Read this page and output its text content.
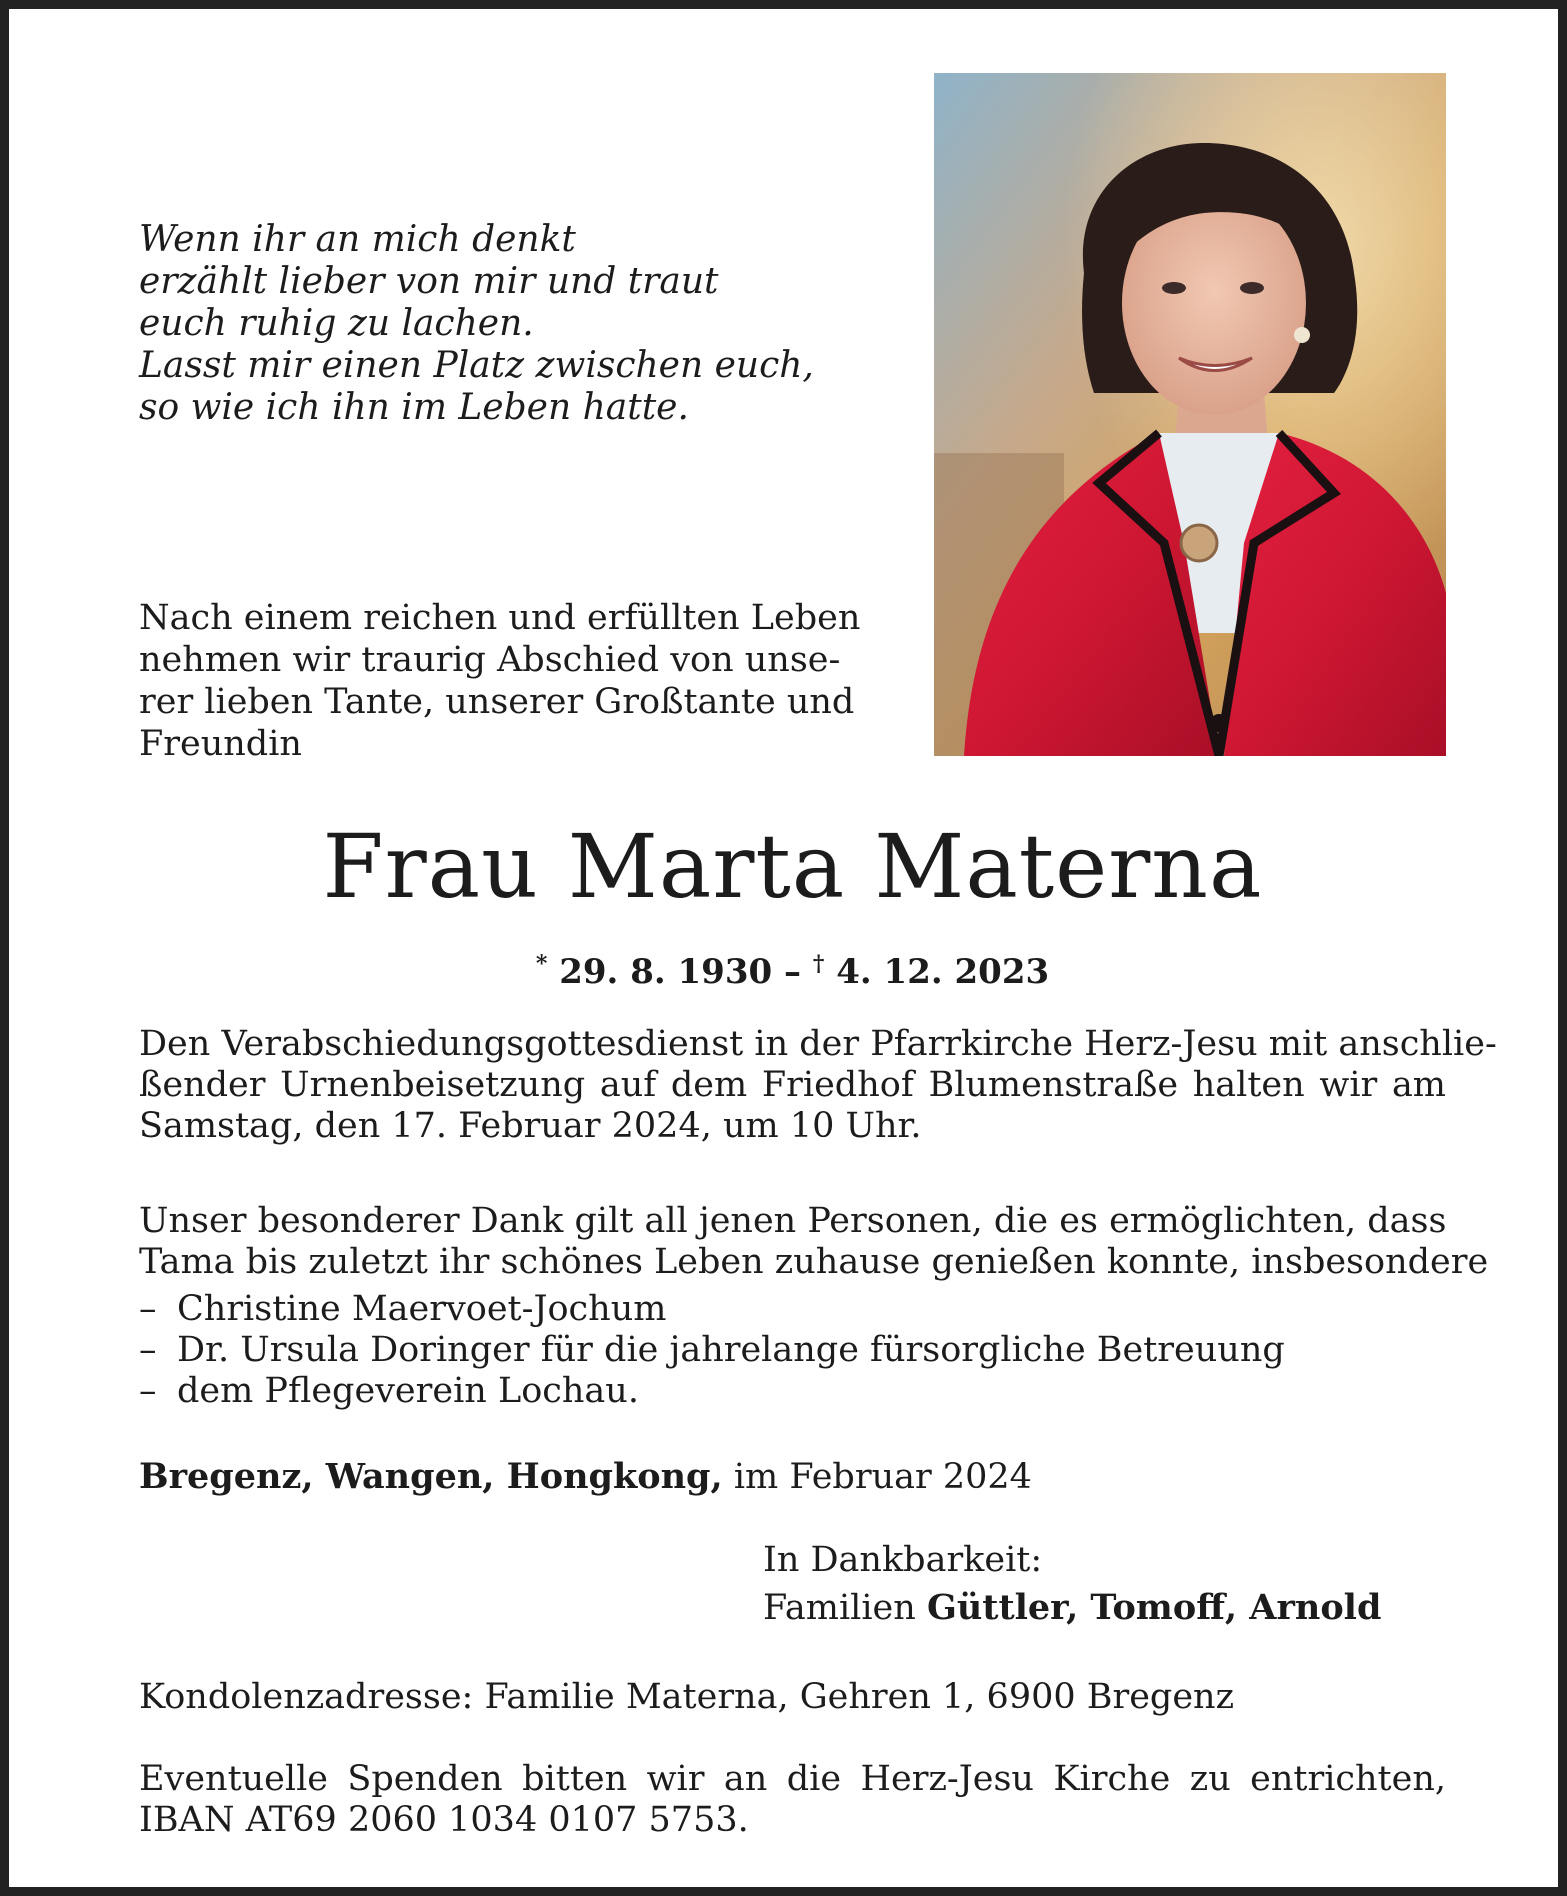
Wenn ihr an mich denkt
erzählt lieber von mir und traut
euch ruhig zu lachen.
Lasst mir einen Platz zwischen euch,
so wie ich ihn im Leben hatte.
Nach einem reichen und erfüllten Leben
nehmen wir traurig Abschied von unse-
rer lieben Tante, unserer Großtante und
Freundin
Frau Marta Materna
* 29. 8. 1930 – † 4. 12. 2023
Den Verabschiedungsgottesdienst in der Pfarrkirche Herz-Jesu mit anschlie-
ßender Urnenbeisetzung auf dem Friedhof Blumenstraße halten wir am
Samstag, den 17. Februar 2024, um 10 Uhr.
Unser besonderer Dank gilt all jenen Personen, die es ermöglichten, dass
Tama bis zuletzt ihr schönes Leben zuhause genießen konnte, insbesondere
– Christine Maervoet-Jochum
– Dr. Ursula Doringer für die jahrelange fürsorgliche Betreuung
– dem Pflegeverein Lochau.
Bregenz, Wangen, Hongkong, im Februar 2024
In Dankbarkeit:
Familien Güttler, Tomoff, Arnold
Kondolenzadresse: Familie Materna, Gehren 1, 6900 Bregenz
Eventuelle Spenden bitten wir an die Herz-Jesu Kirche zu entrichten,
IBAN AT69 2060 1034 0107 5753.
